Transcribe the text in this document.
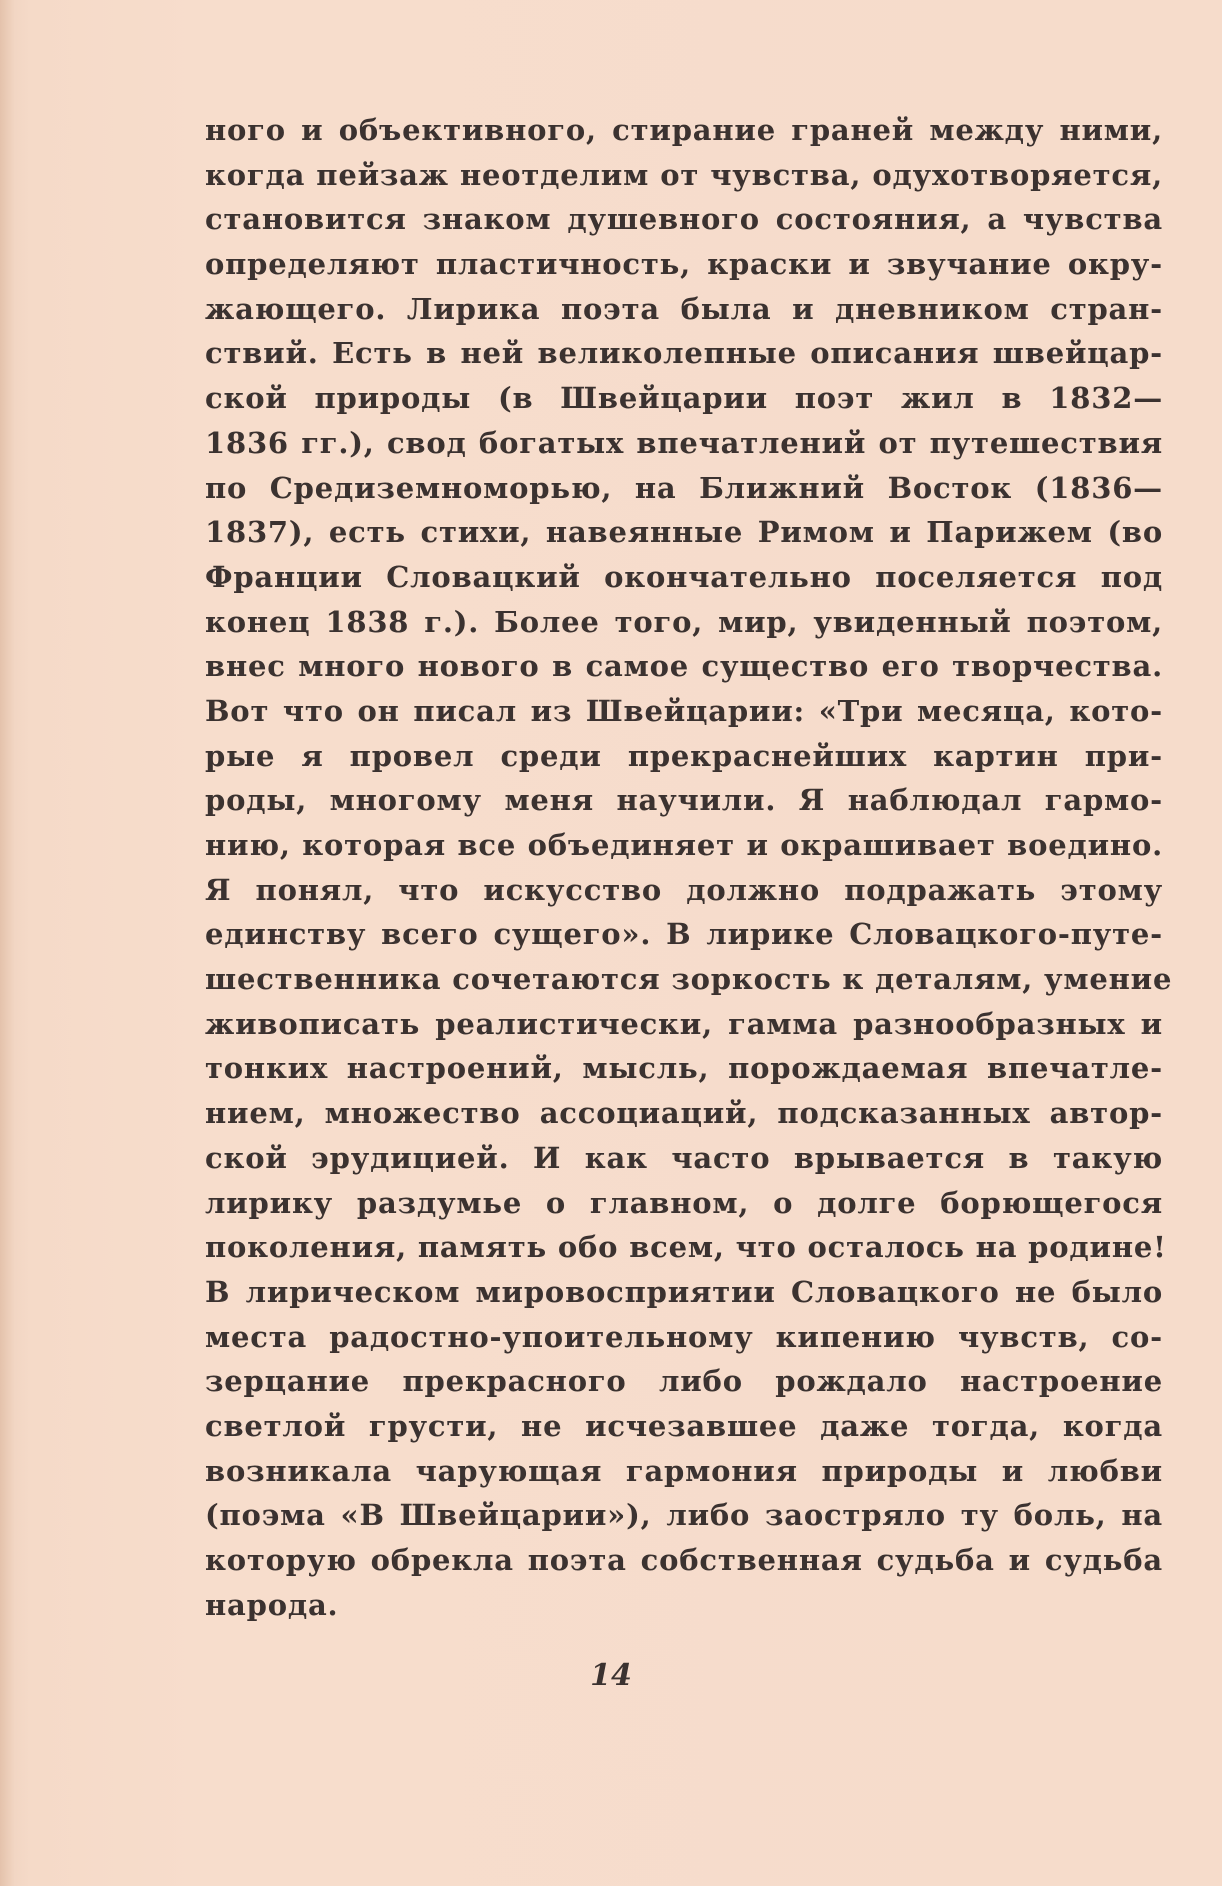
ного и объективного, стирание граней между ними,
когда пейзаж неотделим от чувства, одухотворяется,
становится знаком душевного состояния, а чувства
определяют пластичность, краски и звучание окру-
жающего. Лирика поэта была и дневником стран-
ствий. Есть в ней великолепные описания швейцар-
ской природы (в Швейцарии поэт жил в 1832—
1836 гг.), свод богатых впечатлений от путешествия
по Средиземноморью, на Ближний Восток (1836—
1837), есть стихи, навеянные Римом и Парижем (во
Франции Словацкий окончательно поселяется под
конец 1838 г.). Более того, мир, увиденный поэтом,
внес много нового в самое существо его творчества.
Вот что он писал из Швейцарии: «Три месяца, кото-
рые я провел среди прекраснейших картин при-
роды, многому меня научили. Я наблюдал гармо-
нию, которая все объединяет и окрашивает воедино.
Я понял, что искусство должно подражать этому
единству всего сущего». В лирике Словацкого-путе-
шественника сочетаются зоркость к деталям, умение
живописать реалистически, гамма разнообразных и
тонких настроений, мысль, порождаемая впечатле-
нием, множество ассоциаций, подсказанных автор-
ской эрудицией. И как часто врывается в такую
лирику раздумье о главном, о долге борющегося
поколения, память обо всем, что осталось на родине!
В лирическом мировосприятии Словацкого не было
места радостно-упоительному кипению чувств, со-
зерцание прекрасного либо рождало настроение
светлой грусти, не исчезавшее даже тогда, когда
возникала чарующая гармония природы и любви
(поэма «В Швейцарии»), либо заостряло ту боль, на
которую обрекла поэта собственная судьба и судьба
народа.

14
